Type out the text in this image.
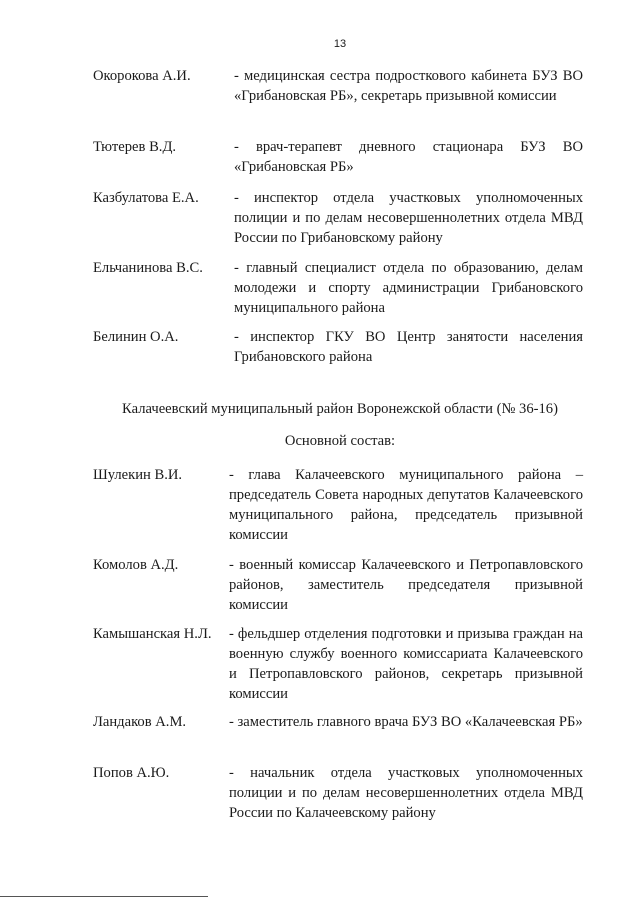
13
Окорокова А.И.	- медицинская сестра подросткового кабинета БУЗ ВО «Грибановская РБ», секретарь призывной комиссии
Тютерев В.Д.	- врач-терапевт дневного стационара БУЗ ВО «Грибановская РБ»
Казбулатова Е.А. - инспектор отдела участковых уполномоченных полиции и по делам несовершеннолетних отдела МВД России по Грибановскому району
Ельчанинова В.С. - главный специалист отдела по образованию, делам молодежи и спорту администрации Грибановского муниципального района
Белинин О.А.	- инспектор ГКУ ВО Центр занятости населения Грибановского района
Калачеевский муниципальный район Воронежской области (№ 36-16)
Основной состав:
Шулекин В.И.	- глава Калачеевского муниципального района – председатель Совета народных депутатов Калачеевского муниципального района, председатель призывной комиссии
Комолов А.Д.	- военный комиссар Калачеевского и Петропавловского районов, заместитель председателя призывной комиссии
Камышанская Н.Л. - фельдшер отделения подготовки и призыва граждан на военную службу военного комиссариата Калачеевского и Петропавловского районов, секретарь призывной комиссии
Ландаков А.М.	- заместитель главного врача БУЗ ВО «Калачеевская РБ»
Попов А.Ю.	- начальник отдела участковых уполномоченных полиции и по делам несовершеннолетних отдела МВД России по Калачеевскому району
